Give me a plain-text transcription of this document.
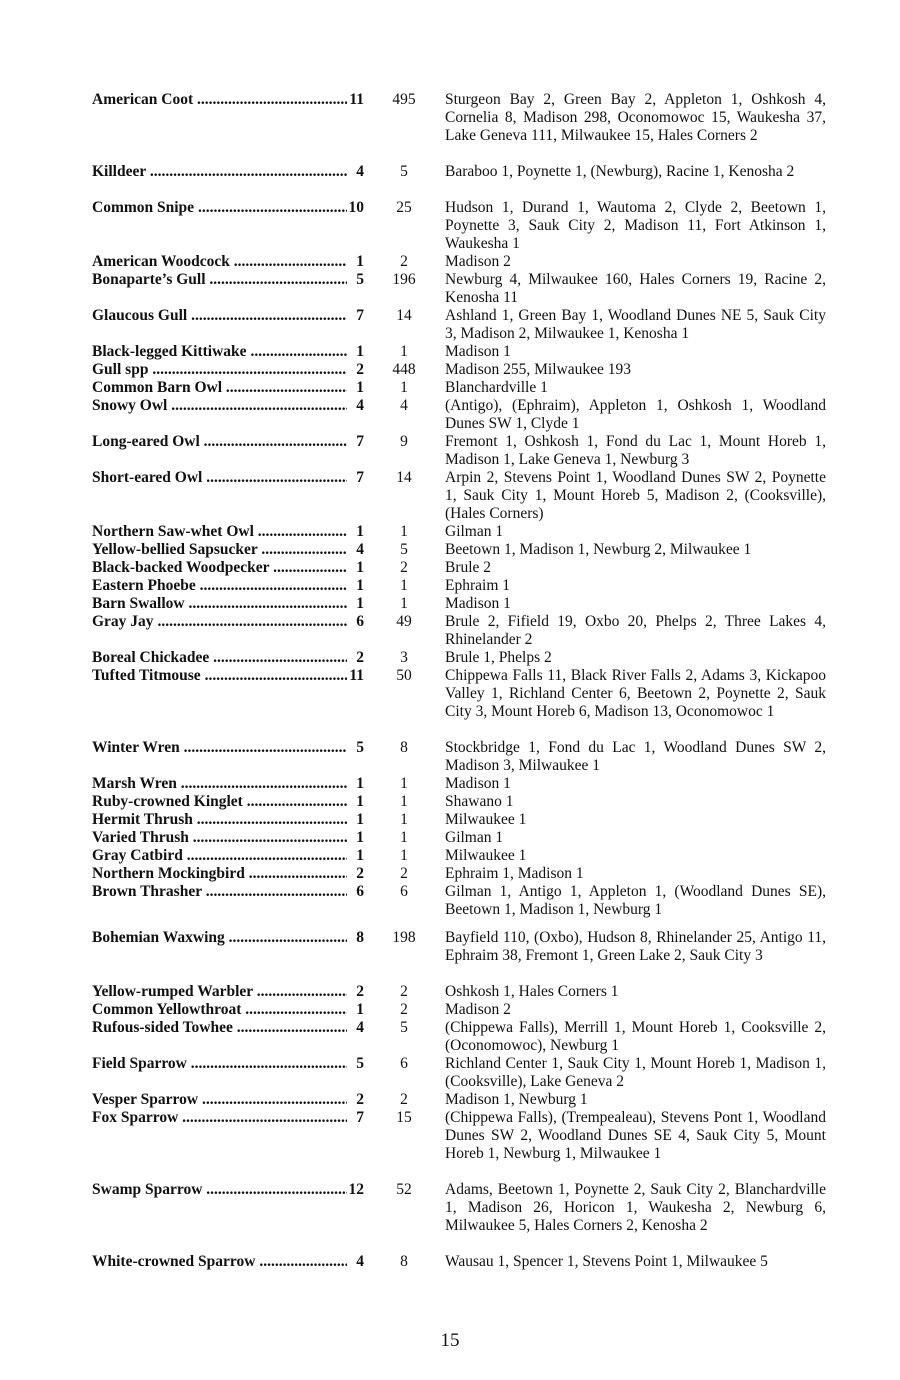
American Coot .....	11	495	Sturgeon Bay 2, Green Bay 2, Appleton 1, Oshkosh 4, Cornelia 8, Madison 298, Oconomowoc 15, Waukesha 37, Lake Geneva 111, Milwaukee 15, Hales Corners 2
Killdeer .....	4	5	Baraboo 1, Poynette 1, (Newburg), Racine 1, Kenosha 2
Common Snipe .....	10	25	Hudson 1, Durand 1, Wautoma 2, Clyde 2, Beetown 1, Poynette 3, Sauk City 2, Madison 11, Fort Atkinson 1, Waukesha 1
American Woodcock .....	1	2	Madison 2
Bonaparte’s Gull .....	5	196	Newburg 4, Milwaukee 160, Hales Corners 19, Racine 2, Kenosha 11
Glaucous Gull .....	7	14	Ashland 1, Green Bay 1, Woodland Dunes NE 5, Sauk City 3, Madison 2, Milwaukee 1, Kenosha 1
Black-legged Kittiwake .....	1	1	Madison 1
Gull spp .....	2	448	Madison 255, Milwaukee 193
Common Barn Owl .....	1	1	Blanchardville 1
Snowy Owl .....	4	4	(Antigo), (Ephraim), Appleton 1, Oshkosh 1, Woodland Dunes SW 1, Clyde 1
Long-eared Owl .....	7	9	Fremont 1, Oshkosh 1, Fond du Lac 1, Mount Horeb 1, Madison 1, Lake Geneva 1, Newburg 3
Short-eared Owl .....	7	14	Arpin 2, Stevens Point 1, Woodland Dunes SW 2, Poynette 1, Sauk City 1, Mount Horeb 5, Madison 2, (Cooksville), (Hales Corners)
Northern Saw-whet Owl .....	1	1	Gilman 1
Yellow-bellied Sapsucker .....	4	5	Beetown 1, Madison 1, Newburg 2, Milwaukee 1
Black-backed Woodpecker .....	1	2	Brule 2
Eastern Phoebe .....	1	1	Ephraim 1
Barn Swallow .....	1	1	Madison 1
Gray Jay .....	6	49	Brule 2, Fifield 19, Oxbo 20, Phelps 2, Three Lakes 4, Rhinelander 2
Boreal Chickadee .....	2	3	Brule 1, Phelps 2
Tufted Titmouse .....	11	50	Chippewa Falls 11, Black River Falls 2, Adams 3, Kickapoo Valley 1, Richland Center 6, Beetown 2, Poynette 2, Sauk City 3, Mount Horeb 6, Madison 13, Oconomowoc 1
Winter Wren .....	5	8	Stockbridge 1, Fond du Lac 1, Woodland Dunes SW 2, Madison 3, Milwaukee 1
Marsh Wren .....	1	1	Madison 1
Ruby-crowned Kinglet .....	1	1	Shawano 1
Hermit Thrush .....	1	1	Milwaukee 1
Varied Thrush .....	1	1	Gilman 1
Gray Catbird .....	1	1	Milwaukee 1
Northern Mockingbird .....	2	2	Ephraim 1, Madison 1
Brown Thrasher .....	6	6	Gilman 1, Antigo 1, Appleton 1, (Woodland Dunes SE), Beetown 1, Madison 1, Newburg 1
Bohemian Waxwing .....	8	198	Bayfield 110, (Oxbo), Hudson 8, Rhinelander 25, Antigo 11, Ephraim 38, Fremont 1, Green Lake 2, Sauk City 3
Yellow-rumped Warbler .....	2	2	Oshkosh 1, Hales Corners 1
Common Yellowthroat .....	1	2	Madison 2
Rufous-sided Towhee .....	4	5	(Chippewa Falls), Merrill 1, Mount Horeb 1, Cooksville 2, (Oconomowoc), Newburg 1
Field Sparrow .....	5	6	Richland Center 1, Sauk City 1, Mount Horeb 1, Madison 1, (Cooksville), Lake Geneva 2
Vesper Sparrow .....	2	2	Madison 1, Newburg 1
Fox Sparrow .....	7	15	(Chippewa Falls), (Trempealeau), Stevens Pont 1, Woodland Dunes SW 2, Woodland Dunes SE 4, Sauk City 5, Mount Horeb 1, Newburg 1, Milwaukee 1
Swamp Sparrow .....	12	52	Adams, Beetown 1, Poynette 2, Sauk City 2, Blanchardville 1, Madison 26, Horicon 1, Waukesha 2, Newburg 6, Milwaukee 5, Hales Corners 2, Kenosha 2
White-crowned Sparrow .....	4	8	Wausau 1, Spencer 1, Stevens Point 1, Milwaukee 5
15
